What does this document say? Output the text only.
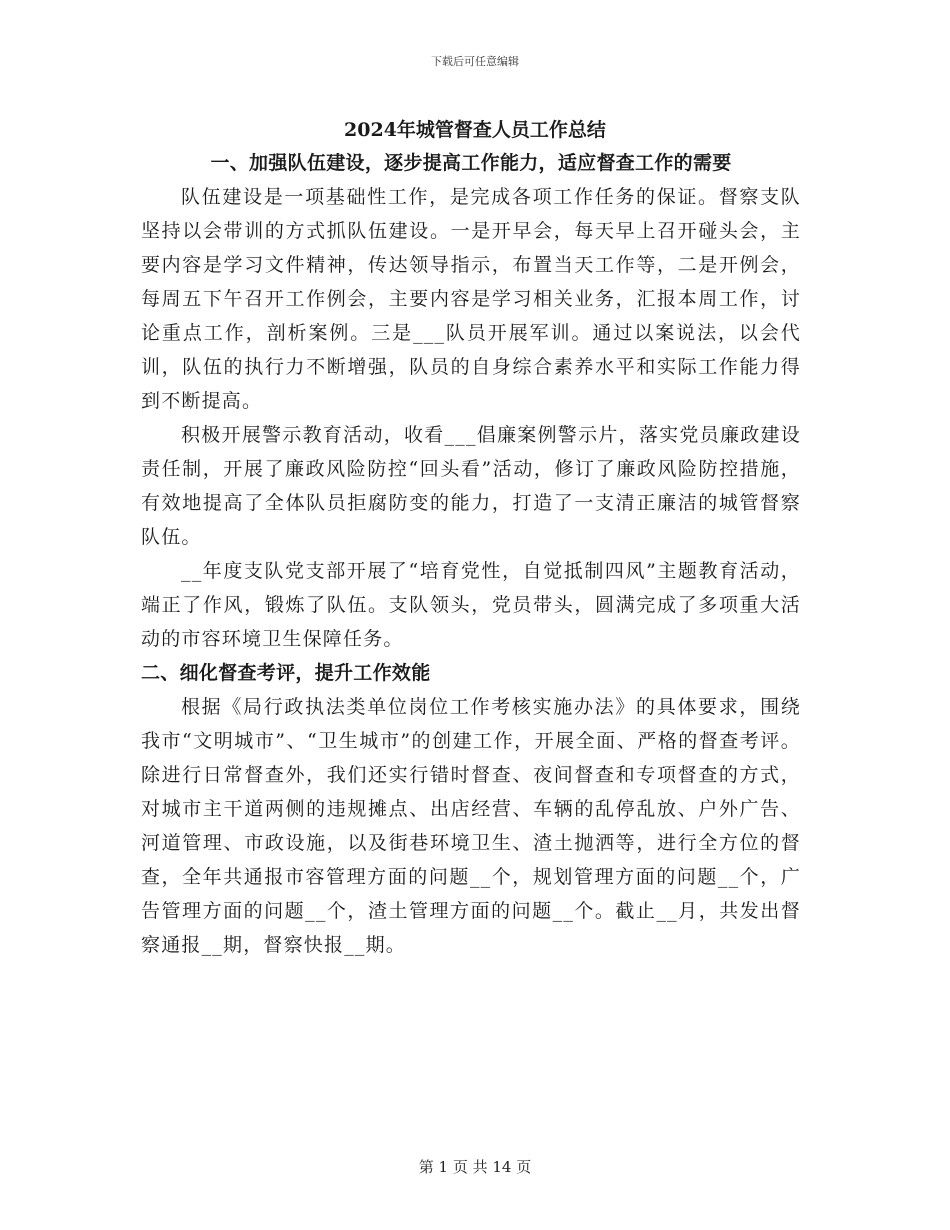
下载后可任意编辑
2024年城管督查人员工作总结
一、加强队伍建设，逐步提高工作能力，适应督查工作的需要

队伍建设是一项基础性工作，是完成各项工作任务的保证。督察支队坚持以会带训的方式抓队伍建设。一是开早会，每天早上召开碰头会，主要内容是学习文件精神，传达领导指示，布置当天工作等，二是开例会，每周五下午召开工作例会，主要内容是学习相关业务，汇报本周工作，讨论重点工作，剖析案例。三是___队员开展军训。通过以案说法，以会代训，队伍的执行力不断增强，队员的自身综合素养水平和实际工作能力得到不断提高。

积极开展警示教育活动，收看___倡廉案例警示片，落实党员廉政建设责任制，开展了廉政风险防控“回头看”活动，修订了廉政风险防控措施，有效地提高了全体队员拒腐防变的能力，打造了一支清正廉洁的城管督察队伍。

__年度支队党支部开展了“培育党性，自觉抵制四风”主题教育活动，端正了作风，锻炼了队伍。支队领头，党员带头，圆满完成了多项重大活动的市容环境卫生保障任务。

二、细化督查考评，提升工作效能

根据《局行政执法类单位岗位工作考核实施办法》的具体要求，围绕我市“文明城市”、“卫生城市”的创建工作，开展全面、严格的督查考评。除进行日常督查外，我们还实行错时督查、夜间督查和专项督查的方式，对城市主干道两侧的违规摊点、出店经营、车辆的乱停乱放、户外广告、河道管理、市政设施，以及街巷环境卫生、渣土抛洒等，进行全方位的督查，全年共通报市容管理方面的问题__个，规划管理方面的问题__个，广告管理方面的问题__个，渣土管理方面的问题__个。截止__月，共发出督察通报__期，督察快报__期。

第 1 页 共 14 页
